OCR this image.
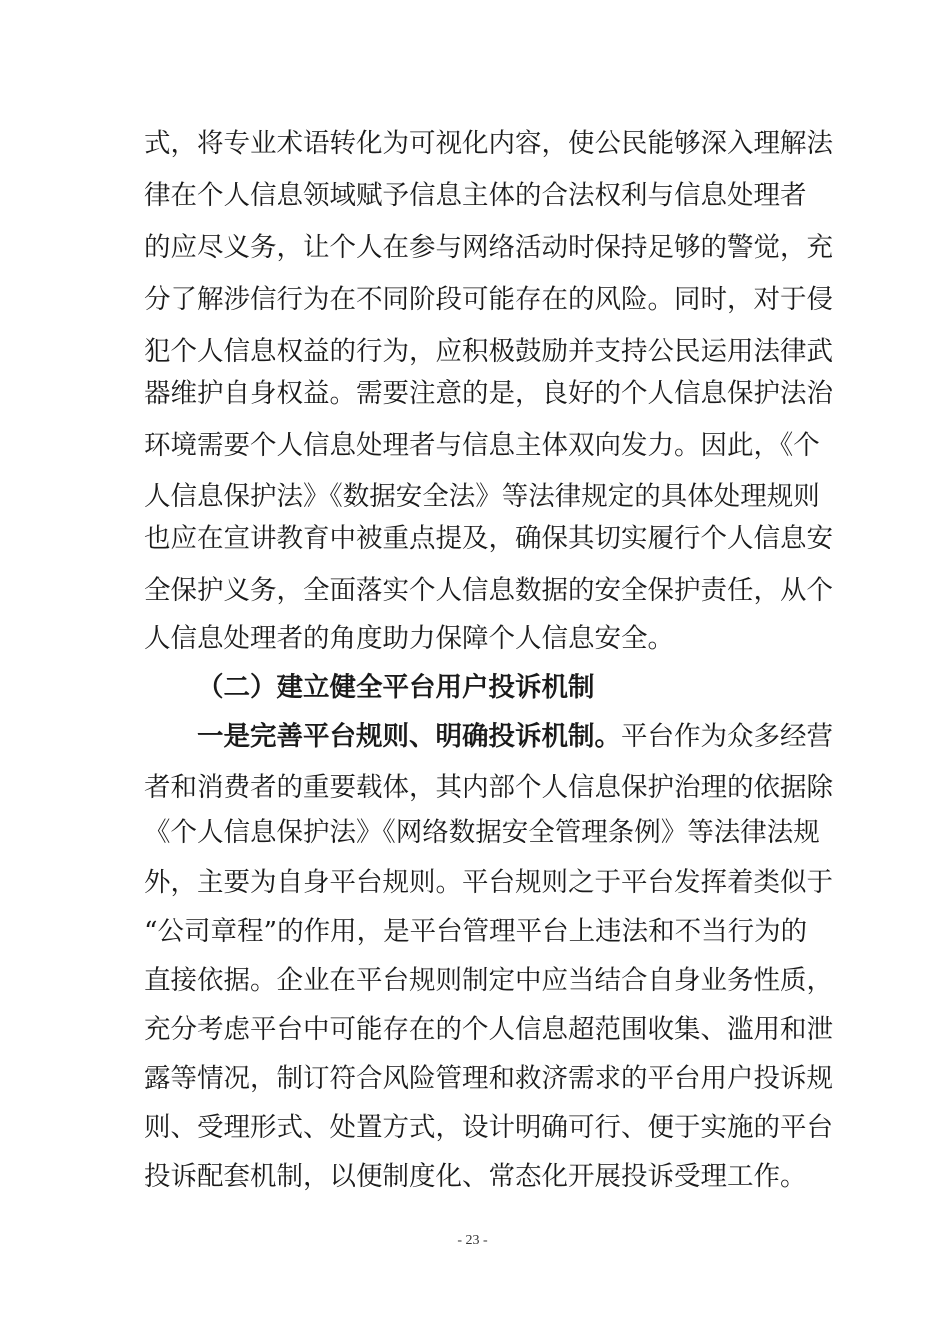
式，将专业术语转化为可视化内容，使公民能够深入理解法
律在个人信息领域赋予信息主体的合法权利与信息处理者
的应尽义务，让个人在参与网络活动时保持足够的警觉，充
分了解涉信行为在不同阶段可能存在的风险。同时，对于侵
犯个人信息权益的行为，应积极鼓励并支持公民运用法律武
器维护自身权益。需要注意的是，良好的个人信息保护法治
环境需要个人信息处理者与信息主体双向发力。因此，《个
人信息保护法》《数据安全法》等法律规定的具体处理规则
也应在宣讲教育中被重点提及，确保其切实履行个人信息安
全保护义务，全面落实个人信息数据的安全保护责任，从个
人信息处理者的角度助力保障个人信息安全。
（二）建立健全平台用户投诉机制
一是完善平台规则、明确投诉机制。平台作为众多经营
者和消费者的重要载体，其内部个人信息保护治理的依据除
《个人信息保护法》《网络数据安全管理条例》等法律法规
外，主要为自身平台规则。平台规则之于平台发挥着类似于
“公司章程”的作用，是平台管理平台上违法和不当行为的
直接依据。企业在平台规则制定中应当结合自身业务性质，
充分考虑平台中可能存在的个人信息超范围收集、滥用和泄
露等情况，制订符合风险管理和救济需求的平台用户投诉规
则、受理形式、处置方式，设计明确可行、便于实施的平台
投诉配套机制，以便制度化、常态化开展投诉受理工作。
- 23 -
